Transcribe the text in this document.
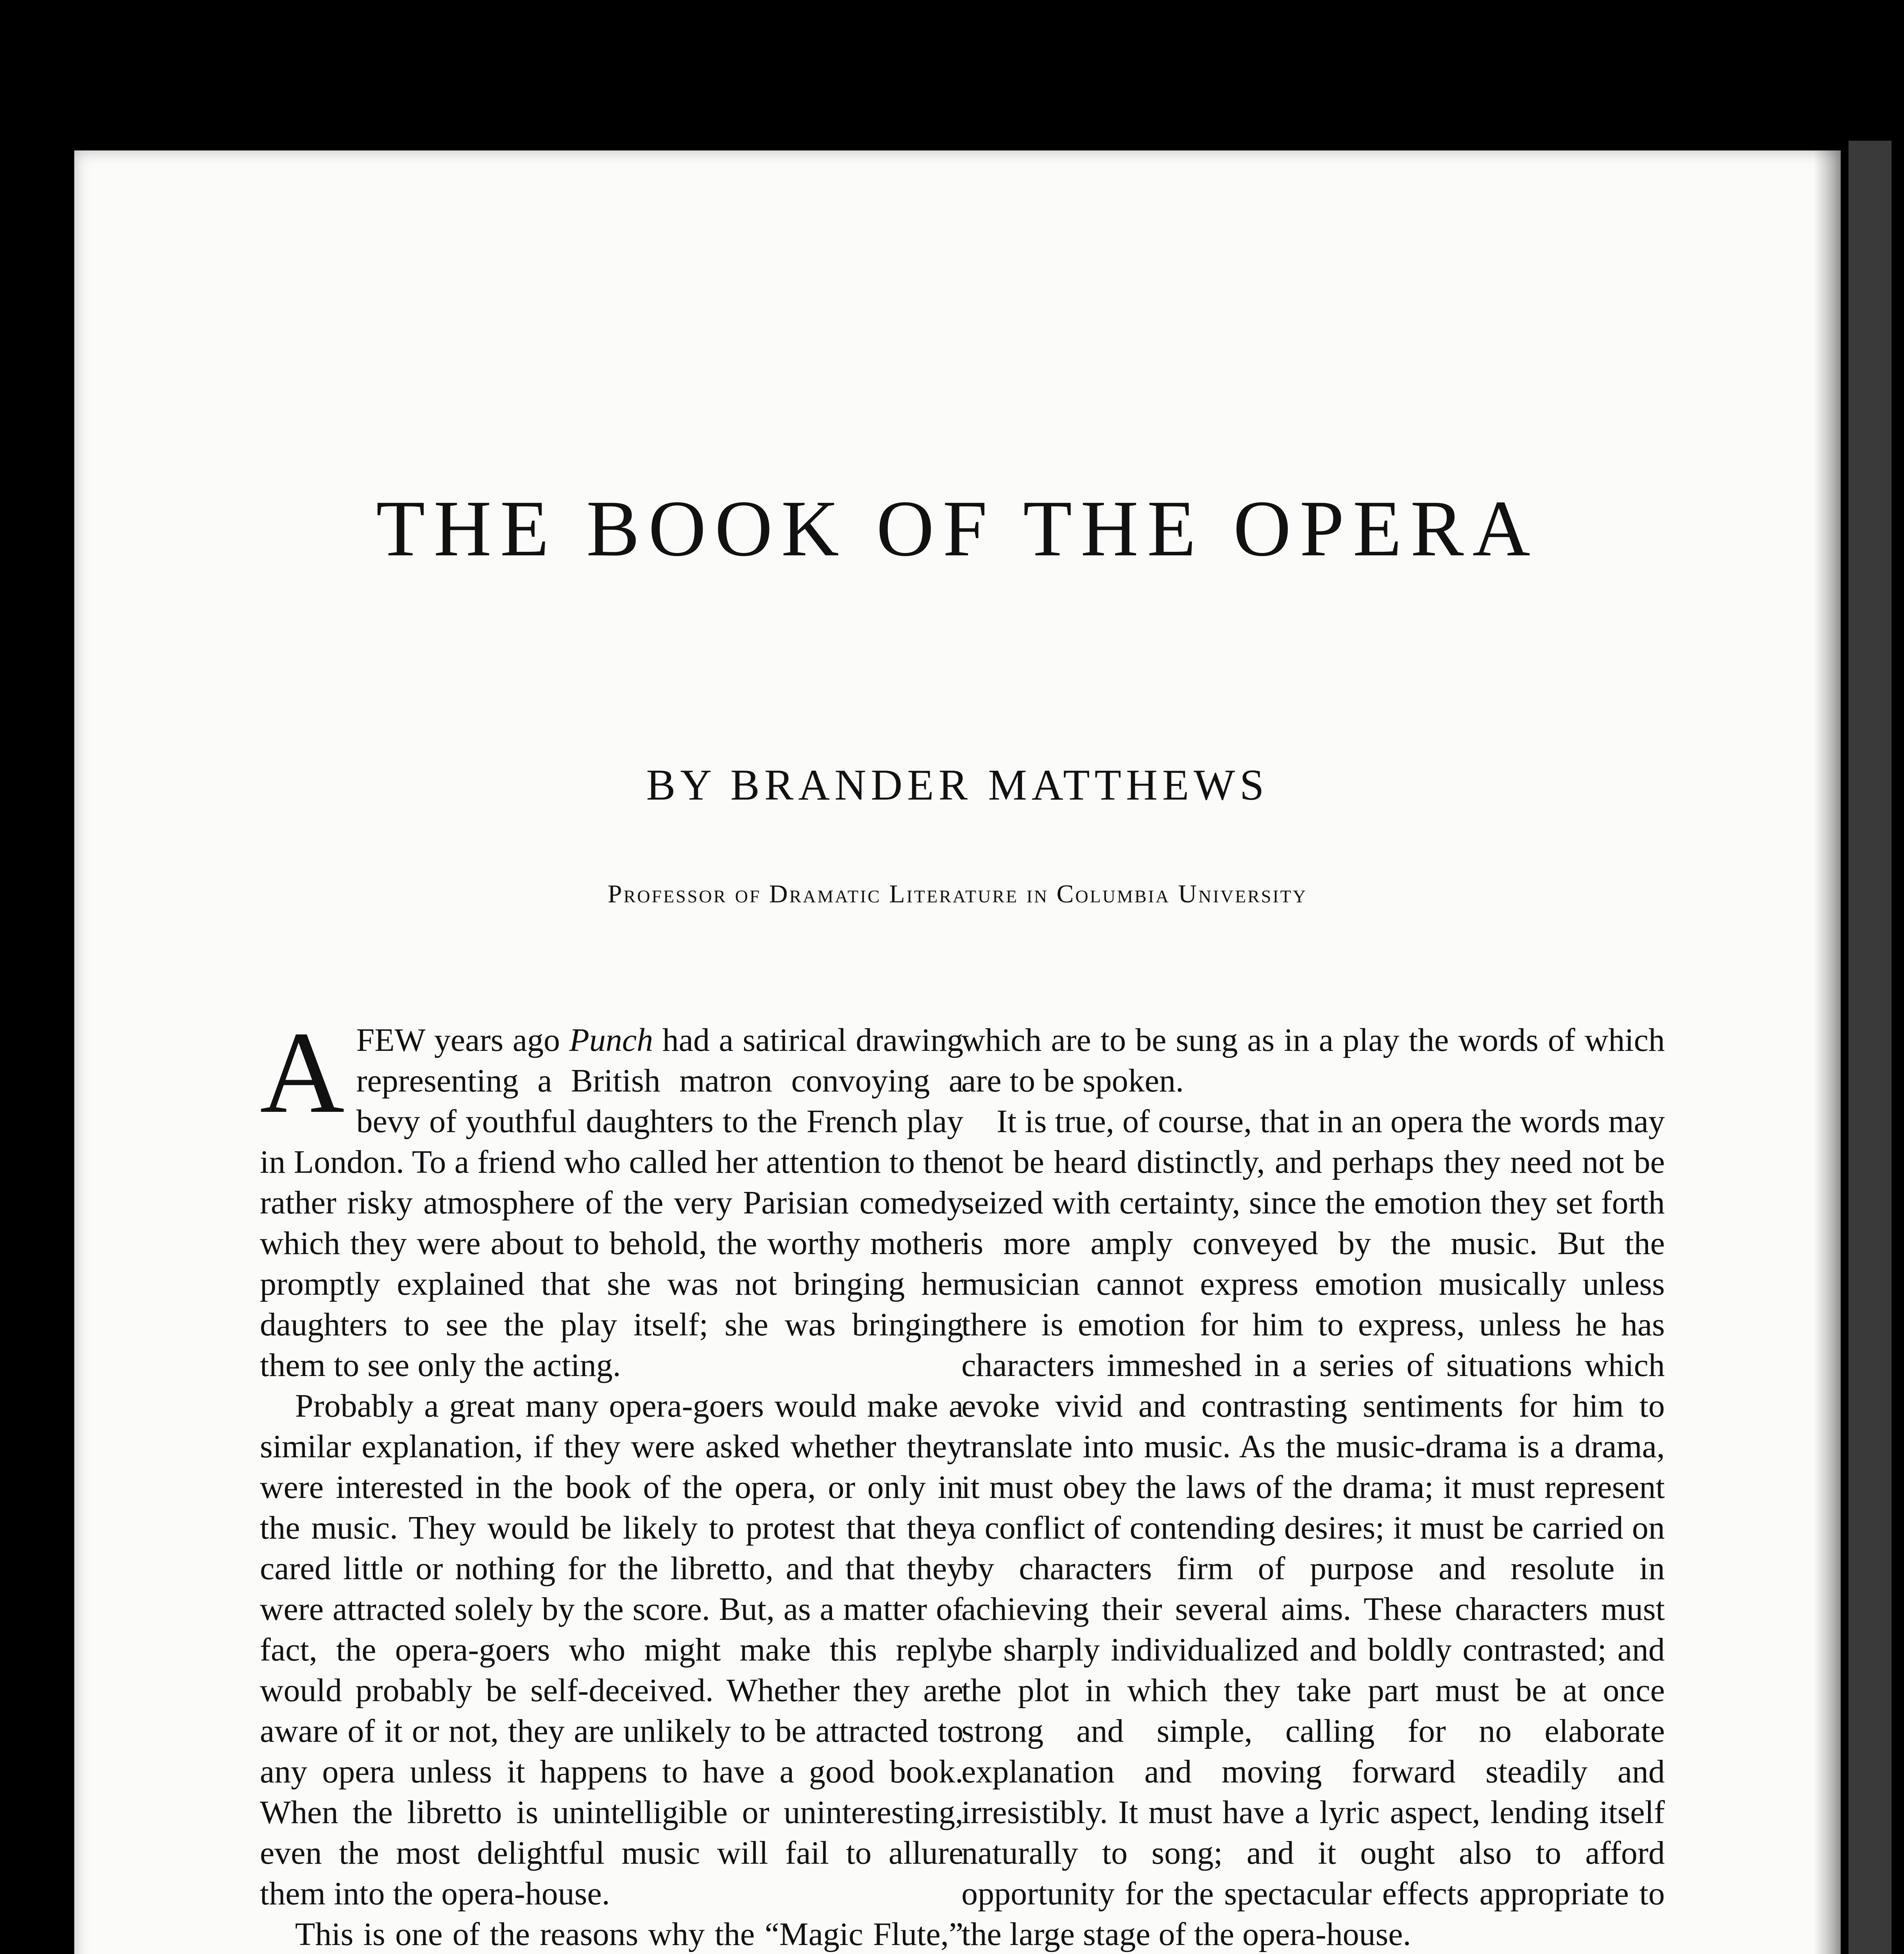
THE BOOK OF THE OPERA
BY BRANDER MATTHEWS

Professor of Dramatic Literature in Columbia University

AFEW years ago Punch had a satirical drawing representing a British matron convoying a bevy of youthful daughters to the French play in London. To a friend who called her attention to the rather risky atmosphere of the very Parisian comedy which they were about to behold, the worthy mother promptly explained that she was not bringing her daughters to see the play itself; she was bringing them to see only the acting.

Probably a great many opera-goers would make a similar explanation, if they were asked whether they were interested in the book of the opera, or only in the music. They would be likely to protest that they cared little or nothing for the libretto, and that they were attracted solely by the score. But, as a matter of fact, the opera-goers who might make this reply would probably be self-deceived. Whether they are aware of it or not, they are unlikely to be attracted to any opera unless it happens to have a good book. When the libretto is unintelligible or uninteresting, even the most delightful music will fail to allure them into the opera-house.

This is one of the reasons why the “Magic Flute,”

which are to be sung as in a play the words of which are to be spoken.

It is true, of course, that in an opera the words may not be heard distinctly, and perhaps they need not be seized with certainty, since the emotion they set forth is more amply conveyed by the music. But the musician cannot express emotion musically unless there is emotion for him to express, unless he has characters immeshed in a series of situations which evoke vivid and contrasting sentiments for him to translate into music. As the music-drama is a drama, it must obey the laws of the drama; it must represent a conflict of contending desires; it must be carried on by characters firm of purpose and resolute in achieving their several aims. These characters must be sharply individualized and boldly contrasted; and the plot in which they take part must be at once strong and simple, calling for no elaborate explanation and moving forward steadily and irresistibly. It must have a lyric aspect, lending itself naturally to song; and it ought also to afford opportunity for the spectacular effects appropriate to the large stage of the opera-house.
